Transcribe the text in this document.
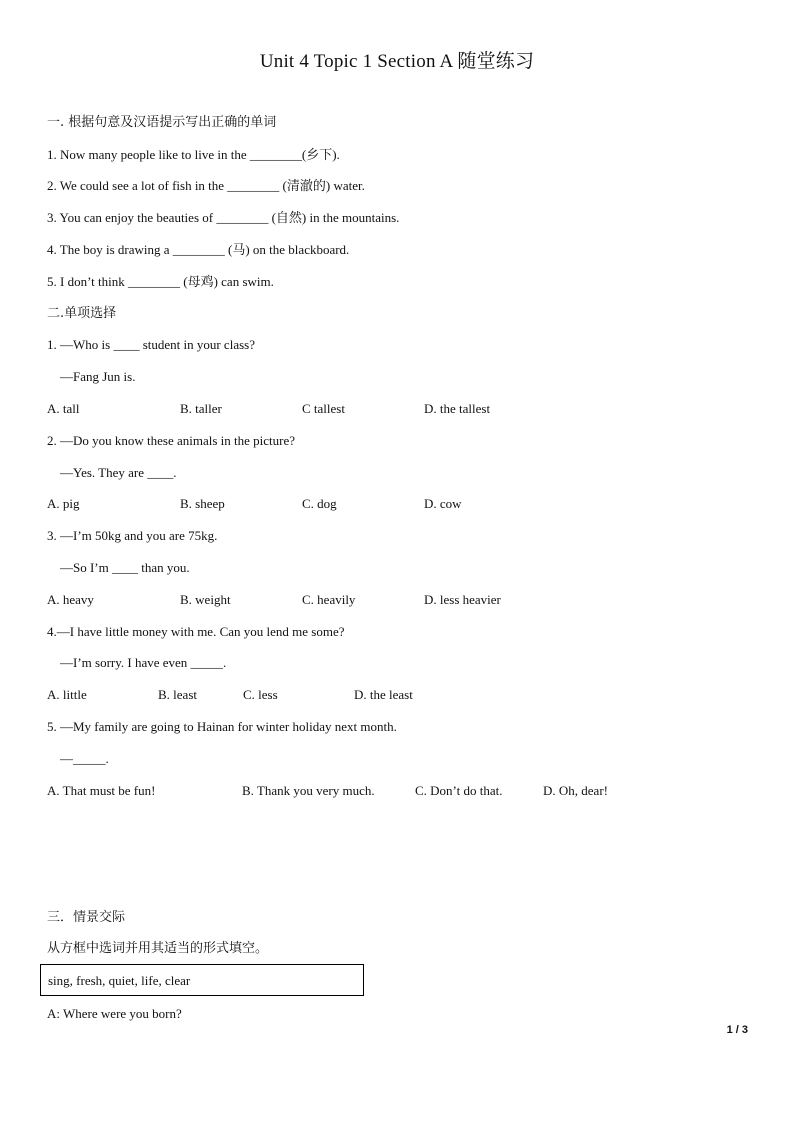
Unit 4 Topic 1 Section A 随堂练习
一. 根据句意及汉语提示写出正确的单词
1. Now many people like to live in the ________(乡下).
2. We could see a lot of fish in the ________ (清澈的) water.
3. You can enjoy the beauties of ________ (自然) in the mountains.
4. The boy is drawing a ________ (马) on the blackboard.
5. I don’t think ________ (母鸡) can swim.
二.单项选择
1. —Who is ____ student in your class?
—Fang Jun is.
A. tall	B. taller	C tallest	D. the tallest
2. —Do you know these animals in the picture?
—Yes. They are ____.
A. pig	B. sheep	C. dog	D. cow
3. —I’m 50kg and you are 75kg.
—So I’m ____ than you.
A. heavy	B. weight	C. heavily	D. less heavier
4.—I have little money with me. Can you lend me some?
—I’m sorry. I have even _____.
A. little	B. least	C. less	D. the least
5. —My family are going to Hainan for winter holiday next month.
—_____.
A. That must be fun!	B. Thank you very much.	C. Don’t do that.	D. Oh, dear!
三．情景交际
从方框中选词并用其适当的形式填空。
sing, fresh, quiet, life, clear
A: Where were you born?
1 / 3
